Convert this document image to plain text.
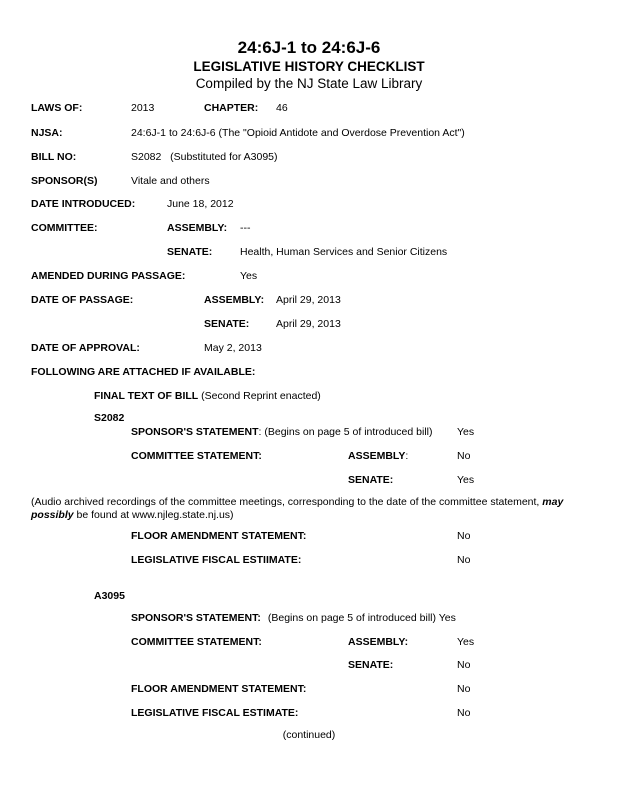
24:6J-1 to 24:6J-6
LEGISLATIVE HISTORY CHECKLIST
Compiled by the NJ State Law Library
LAWS OF:	2013	CHAPTER: 46
NJSA:	24:6J-1 to 24:6J-6 (The "Opioid Antidote and Overdose Prevention Act")
BILL NO:	S2082   (Substituted for A3095)
SPONSOR(S)	Vitale and others
DATE INTRODUCED:	June 18, 2012
COMMITTEE:	ASSEMBLY: ---
SENATE:	Health, Human Services and Senior Citizens
AMENDED DURING PASSAGE:	Yes
DATE OF PASSAGE:	ASSEMBLY: April 29, 2013
SENATE:	April 29, 2013
DATE OF APPROVAL:	May 2, 2013
FOLLOWING ARE ATTACHED IF AVAILABLE:
FINAL TEXT OF BILL (Second Reprint enacted)
S2082
SPONSOR'S STATEMENT: (Begins on page 5 of introduced bill) Yes
COMMITTEE STATEMENT:	ASSEMBLY:	No
SENATE:	Yes
(Audio archived recordings of the committee meetings, corresponding to the date of the committee statement, may possibly be found at www.njleg.state.nj.us)
FLOOR AMENDMENT STATEMENT:	No
LEGISLATIVE FISCAL ESTIIMATE:	No
A3095
SPONSOR'S STATEMENT: (Begins on page 5 of introduced bill) Yes
COMMITTEE STATEMENT:	ASSEMBLY:	Yes
SENATE:	No
FLOOR AMENDMENT STATEMENT:	No
LEGISLATIVE FISCAL ESTIMATE:	No
(continued)
